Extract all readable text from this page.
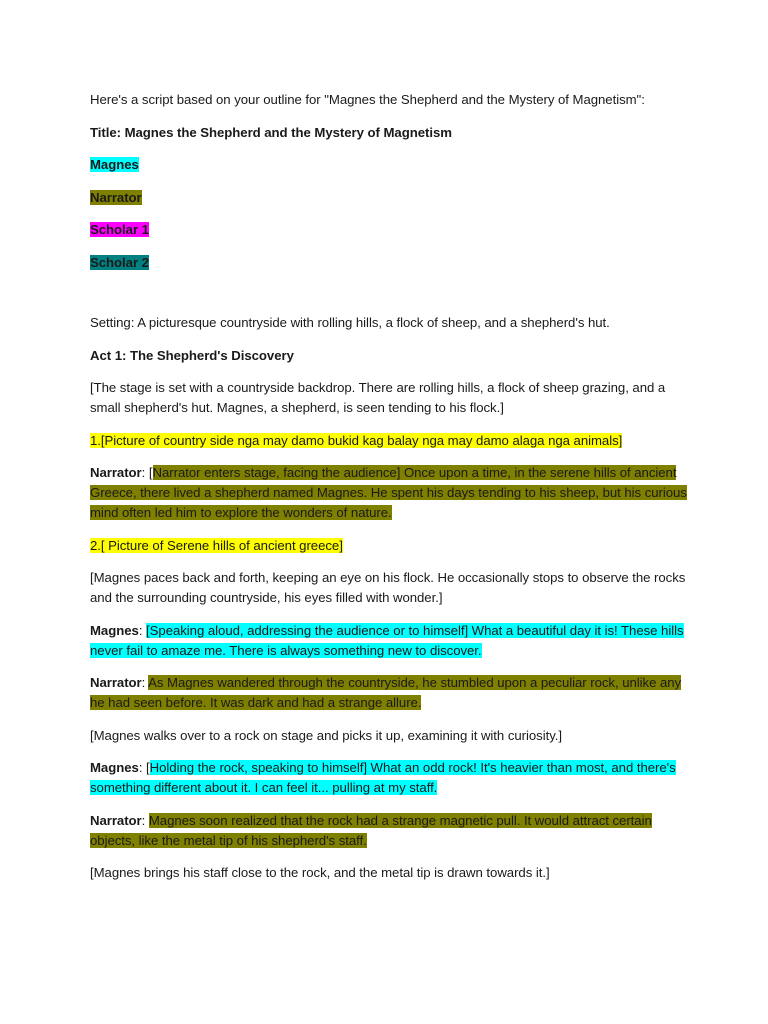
Here's a script based on your outline for "Magnes the Shepherd and the Mystery of Magnetism":

Title: Magnes the Shepherd and the Mystery of Magnetism

Magnes

Narrator

Scholar 1

Scholar 2

Setting: A picturesque countryside with rolling hills, a flock of sheep, and a shepherd's hut.

Act 1: The Shepherd's Discovery

[The stage is set with a countryside backdrop. There are rolling hills, a flock of sheep grazing, and a small shepherd's hut. Magnes, a shepherd, is seen tending to his flock.]

1.[Picture of country side nga may damo bukid kag balay nga may damo alaga nga animals]

Narrator: [Narrator enters stage, facing the audience] Once upon a time, in the serene hills of ancient Greece, there lived a shepherd named Magnes. He spent his days tending to his sheep, but his curious mind often led him to explore the wonders of nature.

2.[ Picture of Serene hills of ancient greece]

[Magnes paces back and forth, keeping an eye on his flock. He occasionally stops to observe the rocks and the surrounding countryside, his eyes filled with wonder.]

Magnes: [Speaking aloud, addressing the audience or to himself] What a beautiful day it is! These hills never fail to amaze me. There is always something new to discover.

Narrator: As Magnes wandered through the countryside, he stumbled upon a peculiar rock, unlike any he had seen before. It was dark and had a strange allure.

[Magnes walks over to a rock on stage and picks it up, examining it with curiosity.]

Magnes: [Holding the rock, speaking to himself] What an odd rock! It's heavier than most, and there's something different about it. I can feel it... pulling at my staff.

Narrator: Magnes soon realized that the rock had a strange magnetic pull. It would attract certain objects, like the metal tip of his shepherd's staff.

[Magnes brings his staff close to the rock, and the metal tip is drawn towards it.]
